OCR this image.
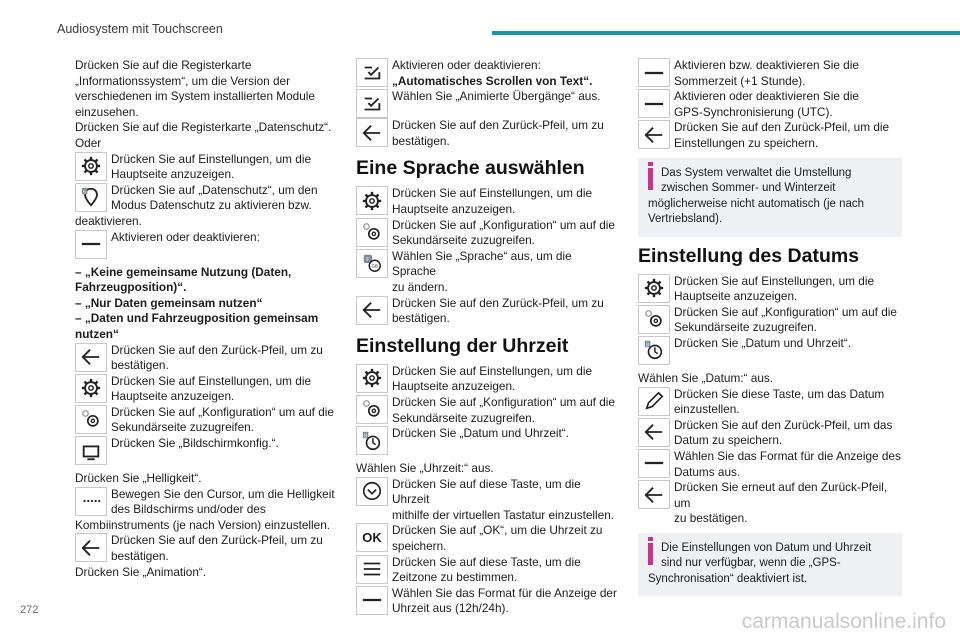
Audiosystem mit Touchscreen
Drücken Sie auf die Registerkarte
„Informationssystem“, um die Version der
verschiedenen im System installierten Module
einzusehen.
Drücken Sie auf die Registerkarte „Datenschutz“.
Oder
Drücken Sie auf Einstellungen, um die
Hauptseite anzuzeigen.
6 Drücken Sie auf „Datenschutz“, um den
Modus Datenschutz zu aktivieren bzw.
deaktivieren.
Aktivieren oder deaktivieren:
– „Keine gemeinsame Nutzung (Daten,
Fahrzeugposition)“.
– „Nur Daten gemeinsam nutzen“
– „Daten und Fahrzeugposition gemeinsam
nutzen“
Drücken Sie auf den Zurück-Pfeil, um zu
bestätigen.
Drücken Sie auf Einstellungen, um die
Hauptseite anzuzeigen.
Drücken Sie auf „Konfiguration“ um auf die
Sekundärseite zuzugreifen.
Drücken Sie „Bildschirmkonfig.“.
Drücken Sie „Helligkeit“.
Bewegen Sie den Cursor, um die Helligkeit
des Bildschirms und/oder des
Kombiinstruments (je nach Version) einzustellen.
Drücken Sie auf den Zurück-Pfeil, um zu
bestätigen.
Drücken Sie „Animation“.
Aktivieren oder deaktivieren:
„Automatisches Scrollen von Text“.
Wählen Sie „Animierte Übergänge“ aus.
Drücken Sie auf den Zurück-Pfeil, um zu
bestätigen.
Eine Sprache auswählen
Drücken Sie auf Einstellungen, um die
Hauptseite anzuzeigen.
Drücken Sie auf „Konfiguration“ um auf die
Sekundärseite zuzugreifen.
F
GB
Wählen Sie „Sprache“ aus, um die Sprache
zu ändern.
Drücken Sie auf den Zurück-Pfeil, um zu
bestätigen.
Einstellung der Uhrzeit
Drücken Sie auf Einstellungen, um die
Hauptseite anzuzeigen.
Drücken Sie auf „Konfiguration“ um auf die
Sekundärseite zuzugreifen.
8 Drücken Sie „Datum und Uhrzeit“.
Wählen Sie „Uhrzeit:“ aus.
Drücken Sie auf diese Taste, um die Uhrzeit
mithilfe der virtuellen Tastatur einzustellen.
OK Drücken Sie auf „OK“, um die Uhrzeit zu
speichern.
Drücken Sie auf diese Taste, um die
Zeitzone zu bestimmen.
Wählen Sie das Format für die Anzeige der
Uhrzeit aus (12h/24h).
Aktivieren bzw. deaktivieren Sie die
Sommerzeit (+1 Stunde).
Aktivieren oder deaktivieren Sie die
GPS-Synchronisierung (UTC).
Drücken Sie auf den Zurück-Pfeil, um die
Einstellungen zu speichern.
Das System verwaltet die Umstellung
zwischen Sommer- und Winterzeit
möglicherweise nicht automatisch (je nach
Vertriebsland).
Einstellung des Datums
Drücken Sie auf Einstellungen, um die
Hauptseite anzuzeigen.
Drücken Sie auf „Konfiguration“ um auf die
Sekundärseite zuzugreifen.
8 Drücken Sie „Datum und Uhrzeit“.
Wählen Sie „Datum:“ aus.
Drücken Sie diese Taste, um das Datum
einzustellen.
Drücken Sie auf den Zurück-Pfeil, um das
Datum zu speichern.
Wählen Sie das Format für die Anzeige des
Datums aus.
Drücken Sie erneut auf den Zurück-Pfeil, um
zu bestätigen.
Die Einstellungen von Datum und Uhrzeit
sind nur verfügbar, wenn die „GPS-
Synchronisation“ deaktiviert ist.
272	carmanualsonline.info
